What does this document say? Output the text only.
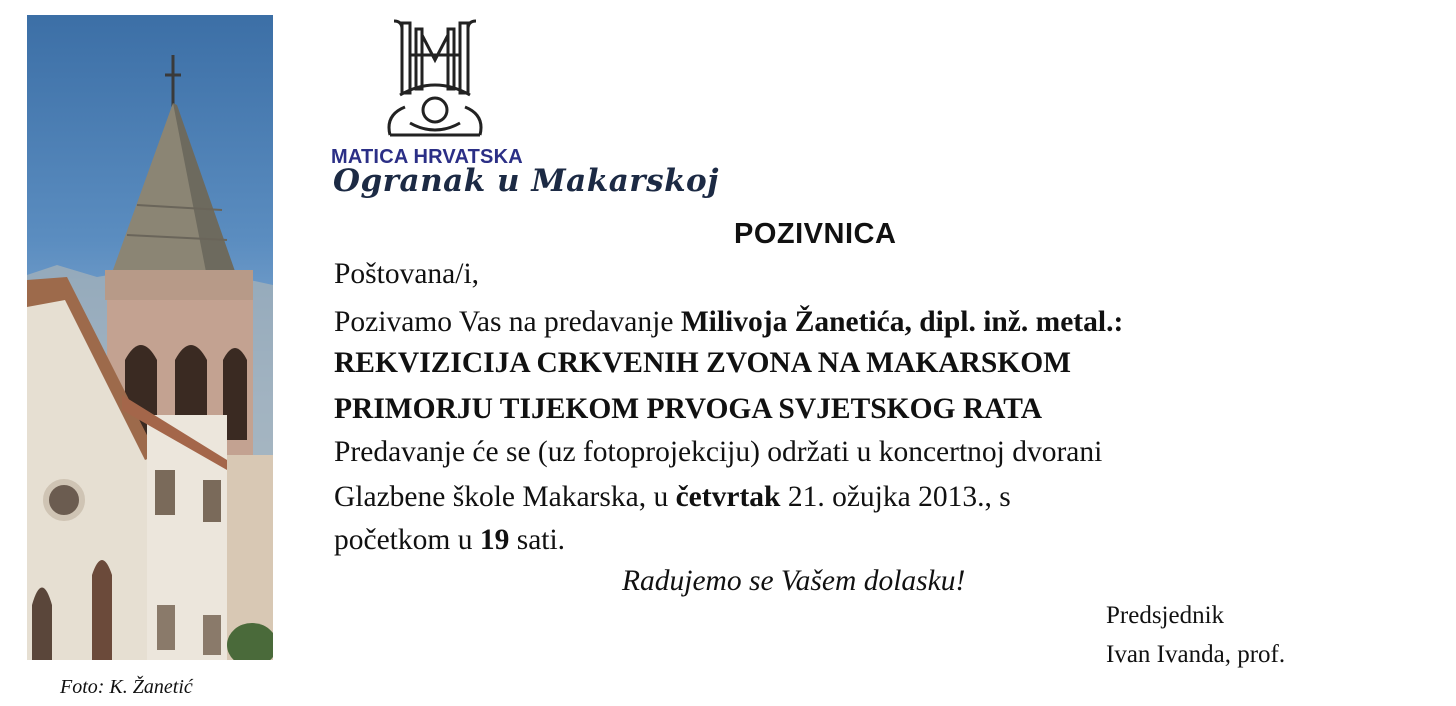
Foto: K. Žanetić
MATICA HRVATSKA
Ogranak u Makarskoj
POZIVNICA
Poštovana/i,
Pozivamo Vas na predavanje Milivoja Žanetića, dipl. inž. metal.:
REKVIZICIJA CRKVENIH ZVONA NA MAKARSKOM
PRIMORJU TIJEKOM PRVOGA SVJETSKOG RATA
Predavanje će se (uz fotoprojekciju) održati u koncertnoj dvorani
Glazbene škole Makarska, u četvrtak 21. ožujka 2013., s
početkom u 19 sati.
Radujemo se Vašem dolasku!
Predsjednik
Ivan Ivanda, prof.
